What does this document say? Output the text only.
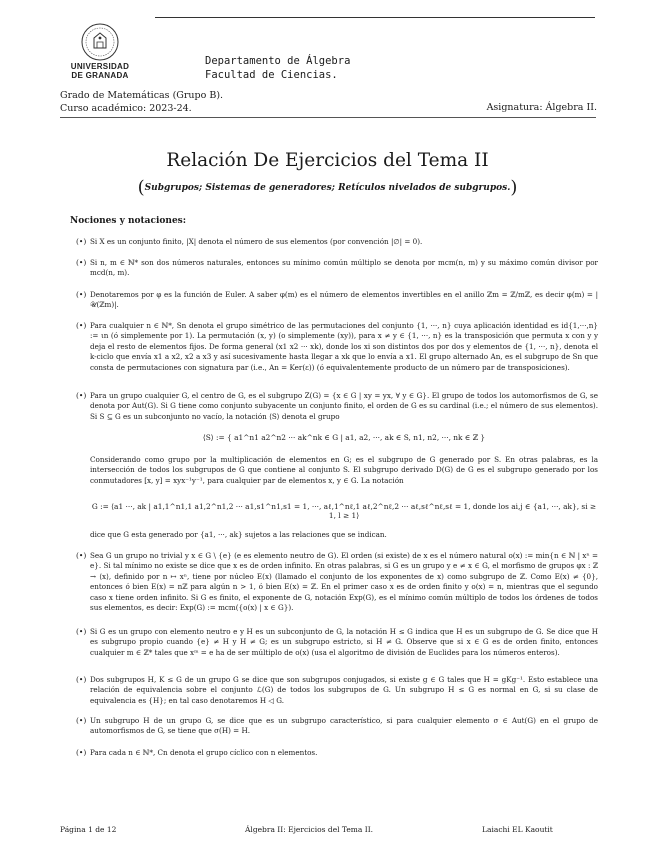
UNIVERSIDAD
DE GRANADA
Departamento de Álgebra
Facultad de Ciencias.
Grado de Matemáticas (Grupo B).
Curso académico: 2023-24.	Asignatura: Álgebra II.
Relación De Ejercicios del Tema II
(Subgrupos; Sistemas de generadores; Retículos nivelados de subgrupos.)
Nociones y notaciones:
(•) Si X es un conjunto finito, |X| denota el número de sus elementos (por convención |∅| = 0).
(•) Si n, m ∈ ℕ* son dos números naturales, entonces su mínimo común múltiplo se denota por mcm(n, m) y su máximo común divisor por mcd(n, m).
(•) Denotaremos por φ es la función de Euler. A saber φ(m) es el número de elementos invertibles en el anillo ℤm = ℤ/mℤ, es decir φ(m) = |𝒰(ℤm)|.
(•) Para cualquier n ∈ ℕ*, Sn denota el grupo simétrico de las permutaciones del conjunto {1, ···, n} cuya aplicación identidad es id{1,···,n} := ιn (ó simplemente por 1). La permutación (x, y) (o simplemente (xy)), para x ≠ y ∈ {1, ···, n} es la transposición que permuta x con y y deja el resto de elementos fijos. De forma general (x1 x2 ··· xk), donde los xi son distintos dos por dos y elementos de {1, ···, n}, denota el k-ciclo que envía x1 a x2, x2 a x3 y así sucesivamente hasta llegar a xk que lo envía a x1. El grupo alternado An, es el subgrupo de Sn que consta de permutaciones con signatura par (i.e., An = Ker(ε)) (ó equivalentemente producto de un número par de transposiciones).
(•) Para un grupo cualquier G, el centro de G, es el subgrupo Z(G) = {x ∈ G | xy = yx, ∀ y ∈ G}. El grupo de todos los automorfismos de G, se denota por Aut(G). Si G tiene como conjunto subyacente un conjunto finito, el orden de G es su cardinal (i.e.; el número de sus elementos). Si S ⊆ G es un subconjunto no vacío, la notación ⟨S⟩ denota el grupo
⟨S⟩ := { a1^n1 a2^n2 ··· ak^nk ∈ G | a1, a2, ···, ak ∈ S, n1, n2, ···, nk ∈ ℤ }
Considerando como grupo por la multiplicación de elementos en G; es el subgrupo de G generado por S. En otras palabras, es la intersección de todos los subgrupos de G que contiene al conjunto S. El subgrupo derivado D(G) de G es el subgrupo generado por los conmutadores [x, y] = xyx⁻¹y⁻¹, para cualquier par de elementos x, y ∈ G. La notación
G := ⟨a1 ···, ak | a1,1^n1,1 a1,2^n1,2 ··· a1,s1^n1,s1 = 1, ···, aℓ,1^nℓ,1 aℓ,2^nℓ,2 ··· aℓ,sℓ^nℓ,sℓ = 1, donde los ai,j ∈ {a1, ···, ak}, si ≥ 1, l ≥ 1⟩
dice que G esta generado por {a1, ···, ak} sujetos a las relaciones que se indican.
(•) Sea G un grupo no trivial y x ∈ G \ {e} (e es elemento neutro de G). El orden (si existe) de x es el número natural o(x) := min{n ∈ ℕ | xⁿ = e}. Si tal mínimo no existe se dice que x es de orden infinito. En otras palabras, si G es un grupo y e ≠ x ∈ G, el morfismo de grupos φx : ℤ → ⟨x⟩, definido por n ↦ xⁿ, tiene por núcleo E(x) (llamado el conjunto de los exponentes de x) como subgrupo de ℤ. Como E(x) ≠ {0}, entonces ó bien E(x) = nℤ para algún n > 1, ó bien E(x) = ℤ. En el primer caso x es de orden finito y o(x) = n, mientras que el segundo caso x tiene orden infinito. Si G es finito, el exponente de G, notación Exp(G), es el mínimo común múltiplo de todos los órdenes de todos sus elementos, es decir: Exp(G) := mcm({o(x) | x ∈ G}).
(•) Si G es un grupo con elemento neutro e y H es un subconjunto de G, la notación H ≤ G indica que H es un subgrupo de G. Se dice que H es subgrupo propio cuando {e} ≠ H y H ≠ G; es un subgrupo estricto, si H ≠ G. Observe que si x ∈ G es de orden finito, entonces cualquier m ∈ ℤ* tales que xᵐ = e ha de ser múltiplo de o(x) (usa el algoritmo de división de Euclides para los números enteros).
(•) Dos subgrupos H, K ≤ G de un grupo G se dice que son subgrupos conjugados, si existe g ∈ G tales que H = gKg⁻¹. Esto establece una relación de equivalencia sobre el conjunto ℒ(G) de todos los subgrupos de G. Un subgrupo H ≤ G es normal en G, si su clase de equivalencia es {H}; en tal caso denotaremos H ◁ G.
(•) Un subgrupo H de un grupo G, se dice que es un subgrupo característico, si para cualquier elemento σ ∈ Aut(G) en el grupo de automorfismos de G, se tiene que σ(H) = H.
(•) Para cada n ∈ ℕ*, Cn denota el grupo cíclico con n elementos.
Página 1 de 12	Álgebra II: Ejercicios del Tema II.	Laiachi EL Kaoutit
